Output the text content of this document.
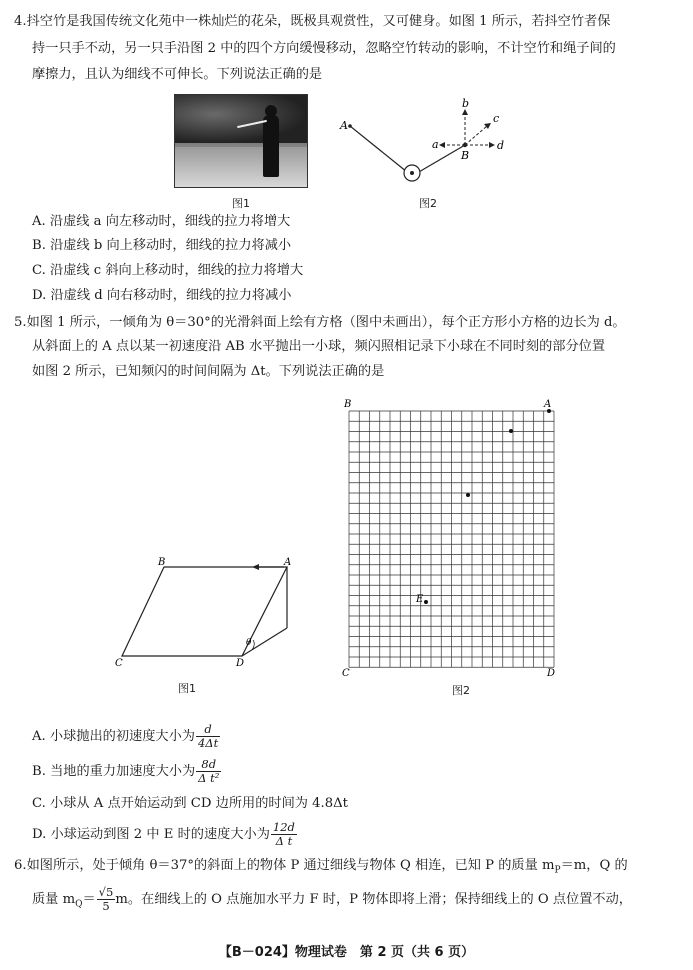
4.抖空竹是我国传统文化苑中一株灿烂的花朵，既极具观赏性，又可健身。如图 1 所示，若抖空竹者保
持一只手不动，另一只手沿图 2 中的四个方向缓慢移动，忽略空竹转动的影响，不计空竹和绳子间的
摩擦力，且认为细线不可伸长。下列说法正确的是
图1
A
B
a
b
c
d
图2
A. 沿虚线 a 向左移动时，细线的拉力将增大
B. 沿虚线 b 向上移动时，细线的拉力将减小
C. 沿虚线 c 斜向上移动时，细线的拉力将增大
D. 沿虚线 d 向右移动时，细线的拉力将减小
5.如图 1 所示，一倾角为 θ＝30°的光滑斜面上绘有方格（图中未画出），每个正方形小方格的边长为 d。
从斜面上的 A 点以某一初速度沿 AB 水平抛出一小球，频闪照相记录下小球在不同时刻的部分位置
如图 2 所示，已知频闪的时间间隔为 Δt。下列说法正确的是
B	A
C	D
θ
图1
B	A
E
C	D
图2
A. 小球抛出的初速度大小为 $\frac{d}{4\Delta t}$
B. 当地的重力加速度大小为 $\frac{8d}{\text{Δ t²}}$
C. 小球从 A 点开始运动到 CD 边所用的时间为 4.8Δt
D. 小球运动到图 2 中 E 时的速度大小为 $\frac{12d}{\text{Δ t}}$
6.如图所示，处于倾角 θ＝37°的斜面上的物体 P 通过细线与物体 Q 相连，已知 P 的质量 $m_P=m$，Q 的
质量 $m_Q= \frac{√5}{5}$ m。在细线上的 O 点施加水平力 F 时，P 物体即将上滑；保持细线上的 O 点位置不动，
【B－024】物理试卷　第 2 页（共 6 页）
